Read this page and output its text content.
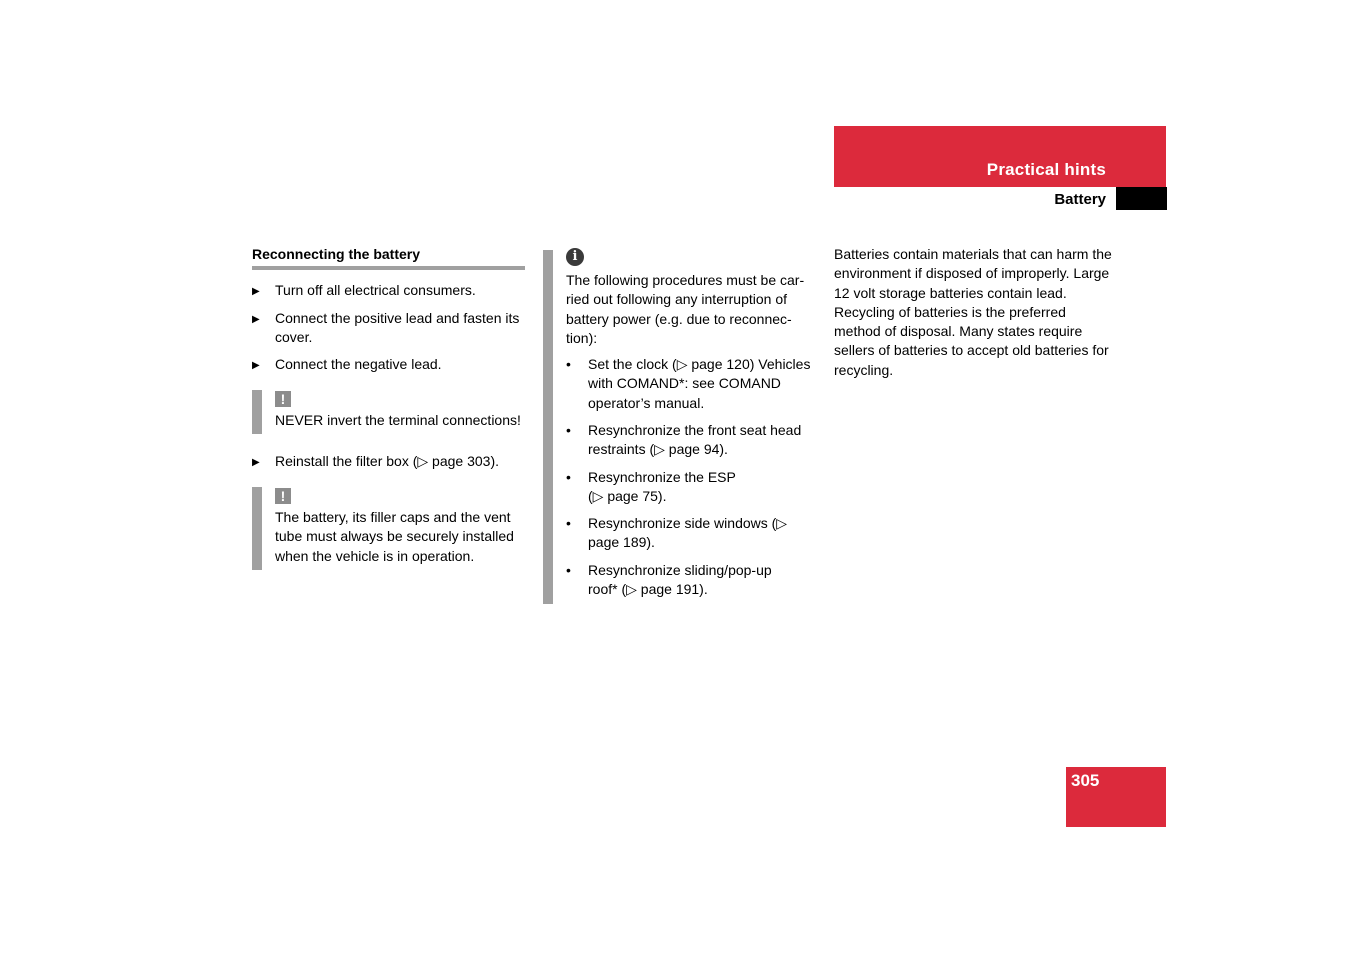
Practical hints
Battery
Reconnecting the battery
▶	Turn off all electrical consumers.
▶	Connect the positive lead and fasten its cover.
▶	Connect the negative lead.
!
NEVER invert the terminal connections!
▶	Reinstall the filter box (▷ page 303).
!
The battery, its filler caps and the vent tube must always be securely installed when the vehicle is in operation.
i
The following procedures must be car-ried out following any interruption of battery power (e.g. due to reconnec-tion):
•	Set the clock (▷ page 120) Vehicles with COMAND*: see COMAND operator’s manual.
•	Resynchronize the front seat head restraints (▷ page 94).
•	Resynchronize the ESP (▷ page 75).
•	Resynchronize side windows (▷ page 189).
•	Resynchronize sliding/pop-up roof* (▷ page 191).
Batteries contain materials that can harm the environment if disposed of improperly. Large 12 volt storage batteries contain lead. Recycling of batteries is the preferred method of disposal. Many states require sellers of batteries to accept old batteries for recycling.
305
